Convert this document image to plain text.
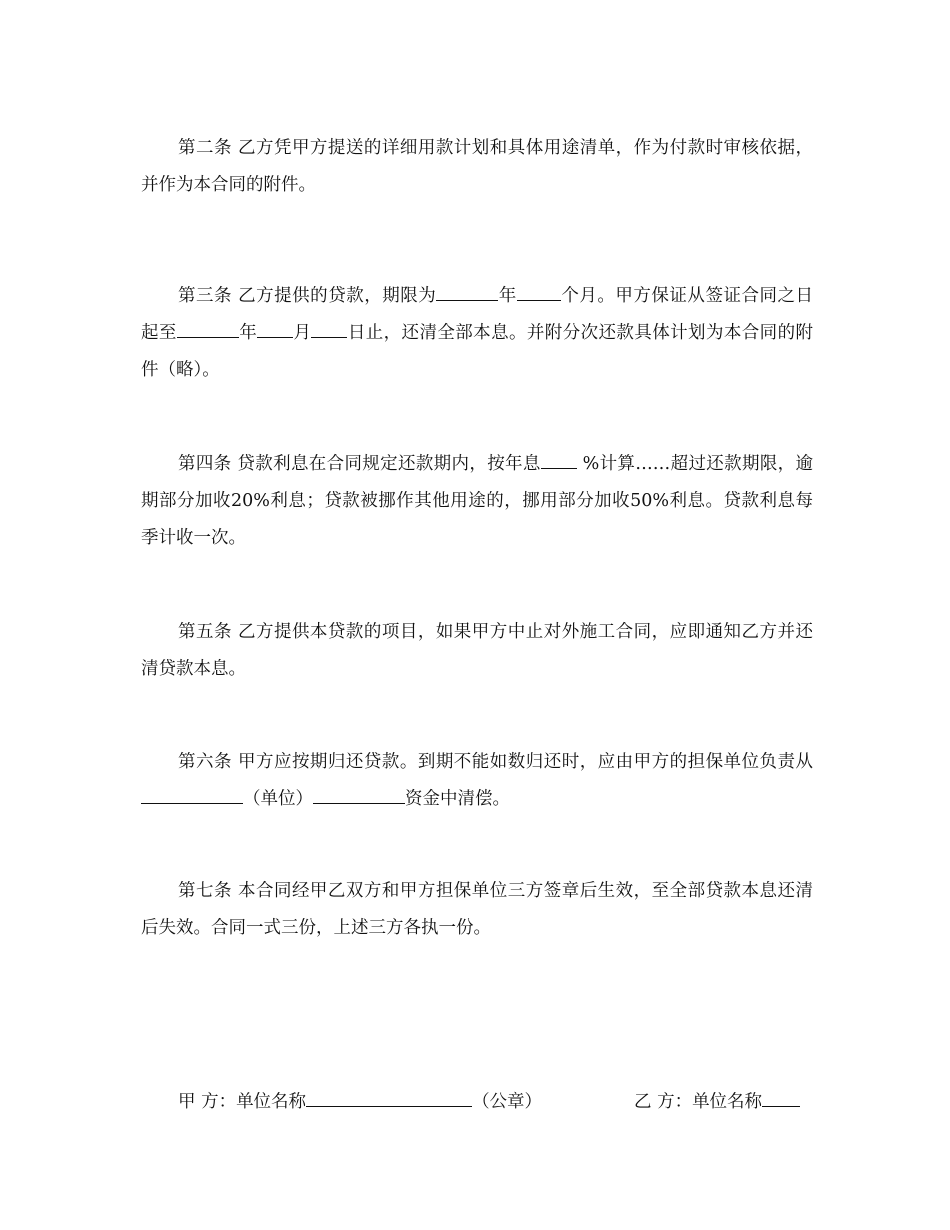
第二条 乙方凭甲方提送的详细用款计划和具体用途清单，作为付款时审核依据，并作为本合同的附件。

第三条 乙方提供的贷款，期限为	年	个月。甲方保证从签证合同之日起至	年 月 日止，还清全部本息。并附分次还款具体计划为本合同的附件（略）。

第四条 贷款利息在合同规定还款期内，按年息 %计算……超过还款期限，逾期部分加收20%利息；贷款被挪作其他用途的，挪用部分加收50%利息。贷款利息每季计收一次。

第五条 乙方提供本贷款的项目，如果甲方中止对外施工合同，应即通知乙方并还清贷款本息。

第六条 甲方应按期归还贷款。到期不能如数归还时，应由甲方的担保单位负责从（单位）	资金中清偿。

第七条 本合同经甲乙双方和甲方担保单位三方签章后生效，至全部贷款本息还清后失效。合同一式三份，上述三方各执一份。

甲 方：单位名称	（公章）	乙 方：单位名称
